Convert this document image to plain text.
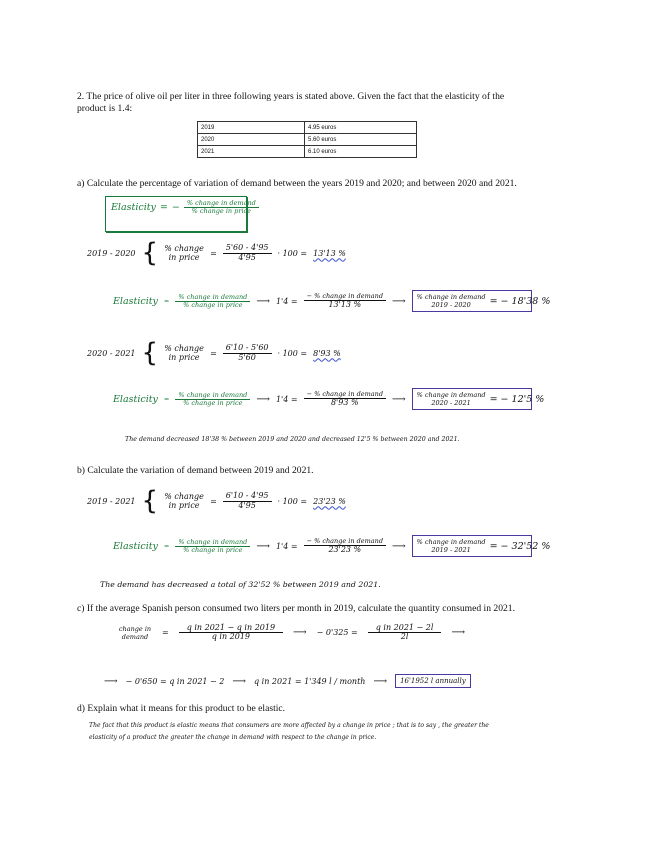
2. The price of olive oil per liter in three following years is stated above. Given the fact that the elasticity of the
product is 1.4:
2019	4.95 euros
2020	5.60 euros
2021	6.10 euros
a) Calculate the percentage of variation of demand between the years 2019 and 2020; and between 2020 and 2021.
Elasticity = − $\frac{\text{\% change in demand}}{\text{\% change in price}}$
2019 - 2020 { % change in price	= $\frac{5'60 - 4'95}{4'95} \cdot 100 = 13'13$ %
Elasticity = $\frac{\text{\% change in demand}}{\text{\% change in price}}$ ⟶ $1'4 = \frac{\text{− \% change in demand}}{13'13 \%}$ ⟶ % change in demand
2019 - 2020 = − 18'38 %
2020 - 2021 { % change in price	= $\frac{6'10 - 5'60}{5'60} \cdot 100 = 8'93$ %
Elasticity = $\frac{\text{\% change in demand}}{\text{\% change in price}}$ ⟶ $1'4 = \frac{\text{− \% change in demand}}{8'93 \%}$ ⟶ % change in demand
2020 - 2021 = − 12'5 %
The demand decreased 18'38 % between 2019 and 2020 and decreased 12'5 % between 2020 and 2021.
b) Calculate the variation of demand between 2019 and 2021.
2019 - 2021 { % change in price	= $\frac{6'10 - 4'95}{4'95} \cdot 100 = 23'23$ %
Elasticity = $\frac{\text{\% change in demand}}{\text{\% change in price}}$ ⟶ $1'4 = \frac{\text{− \% change in demand}}{23'23 \%}$ ⟶ % change in demand
2019 - 2021 = − 32'52 %
The demand has decreased a total of 32'52 % between 2019 and 2021.
c) If the average Spanish person consumed two liters per month in 2019, calculate the quantity consumed in 2021.
change in demand	= $\frac{\text{q in 2021 − q in 2019}}{\text{q in 2019}}$ ⟶ − $0'325 = \frac{\text{q in 2021 − 2l}}{2l}$ ⟶
⟶ − 0'650 = q in 2021 − 2 ⟶ q in 2021 = 1'349 l / month ⟶	16'1952 l annually
d) Explain what it means for this product to be elastic.
The fact that this product is elastic means that consumers are more affected by a change in price ; that is to say , the greater the
elasticity of a product the greater the change in demand with respect to the change in price.
